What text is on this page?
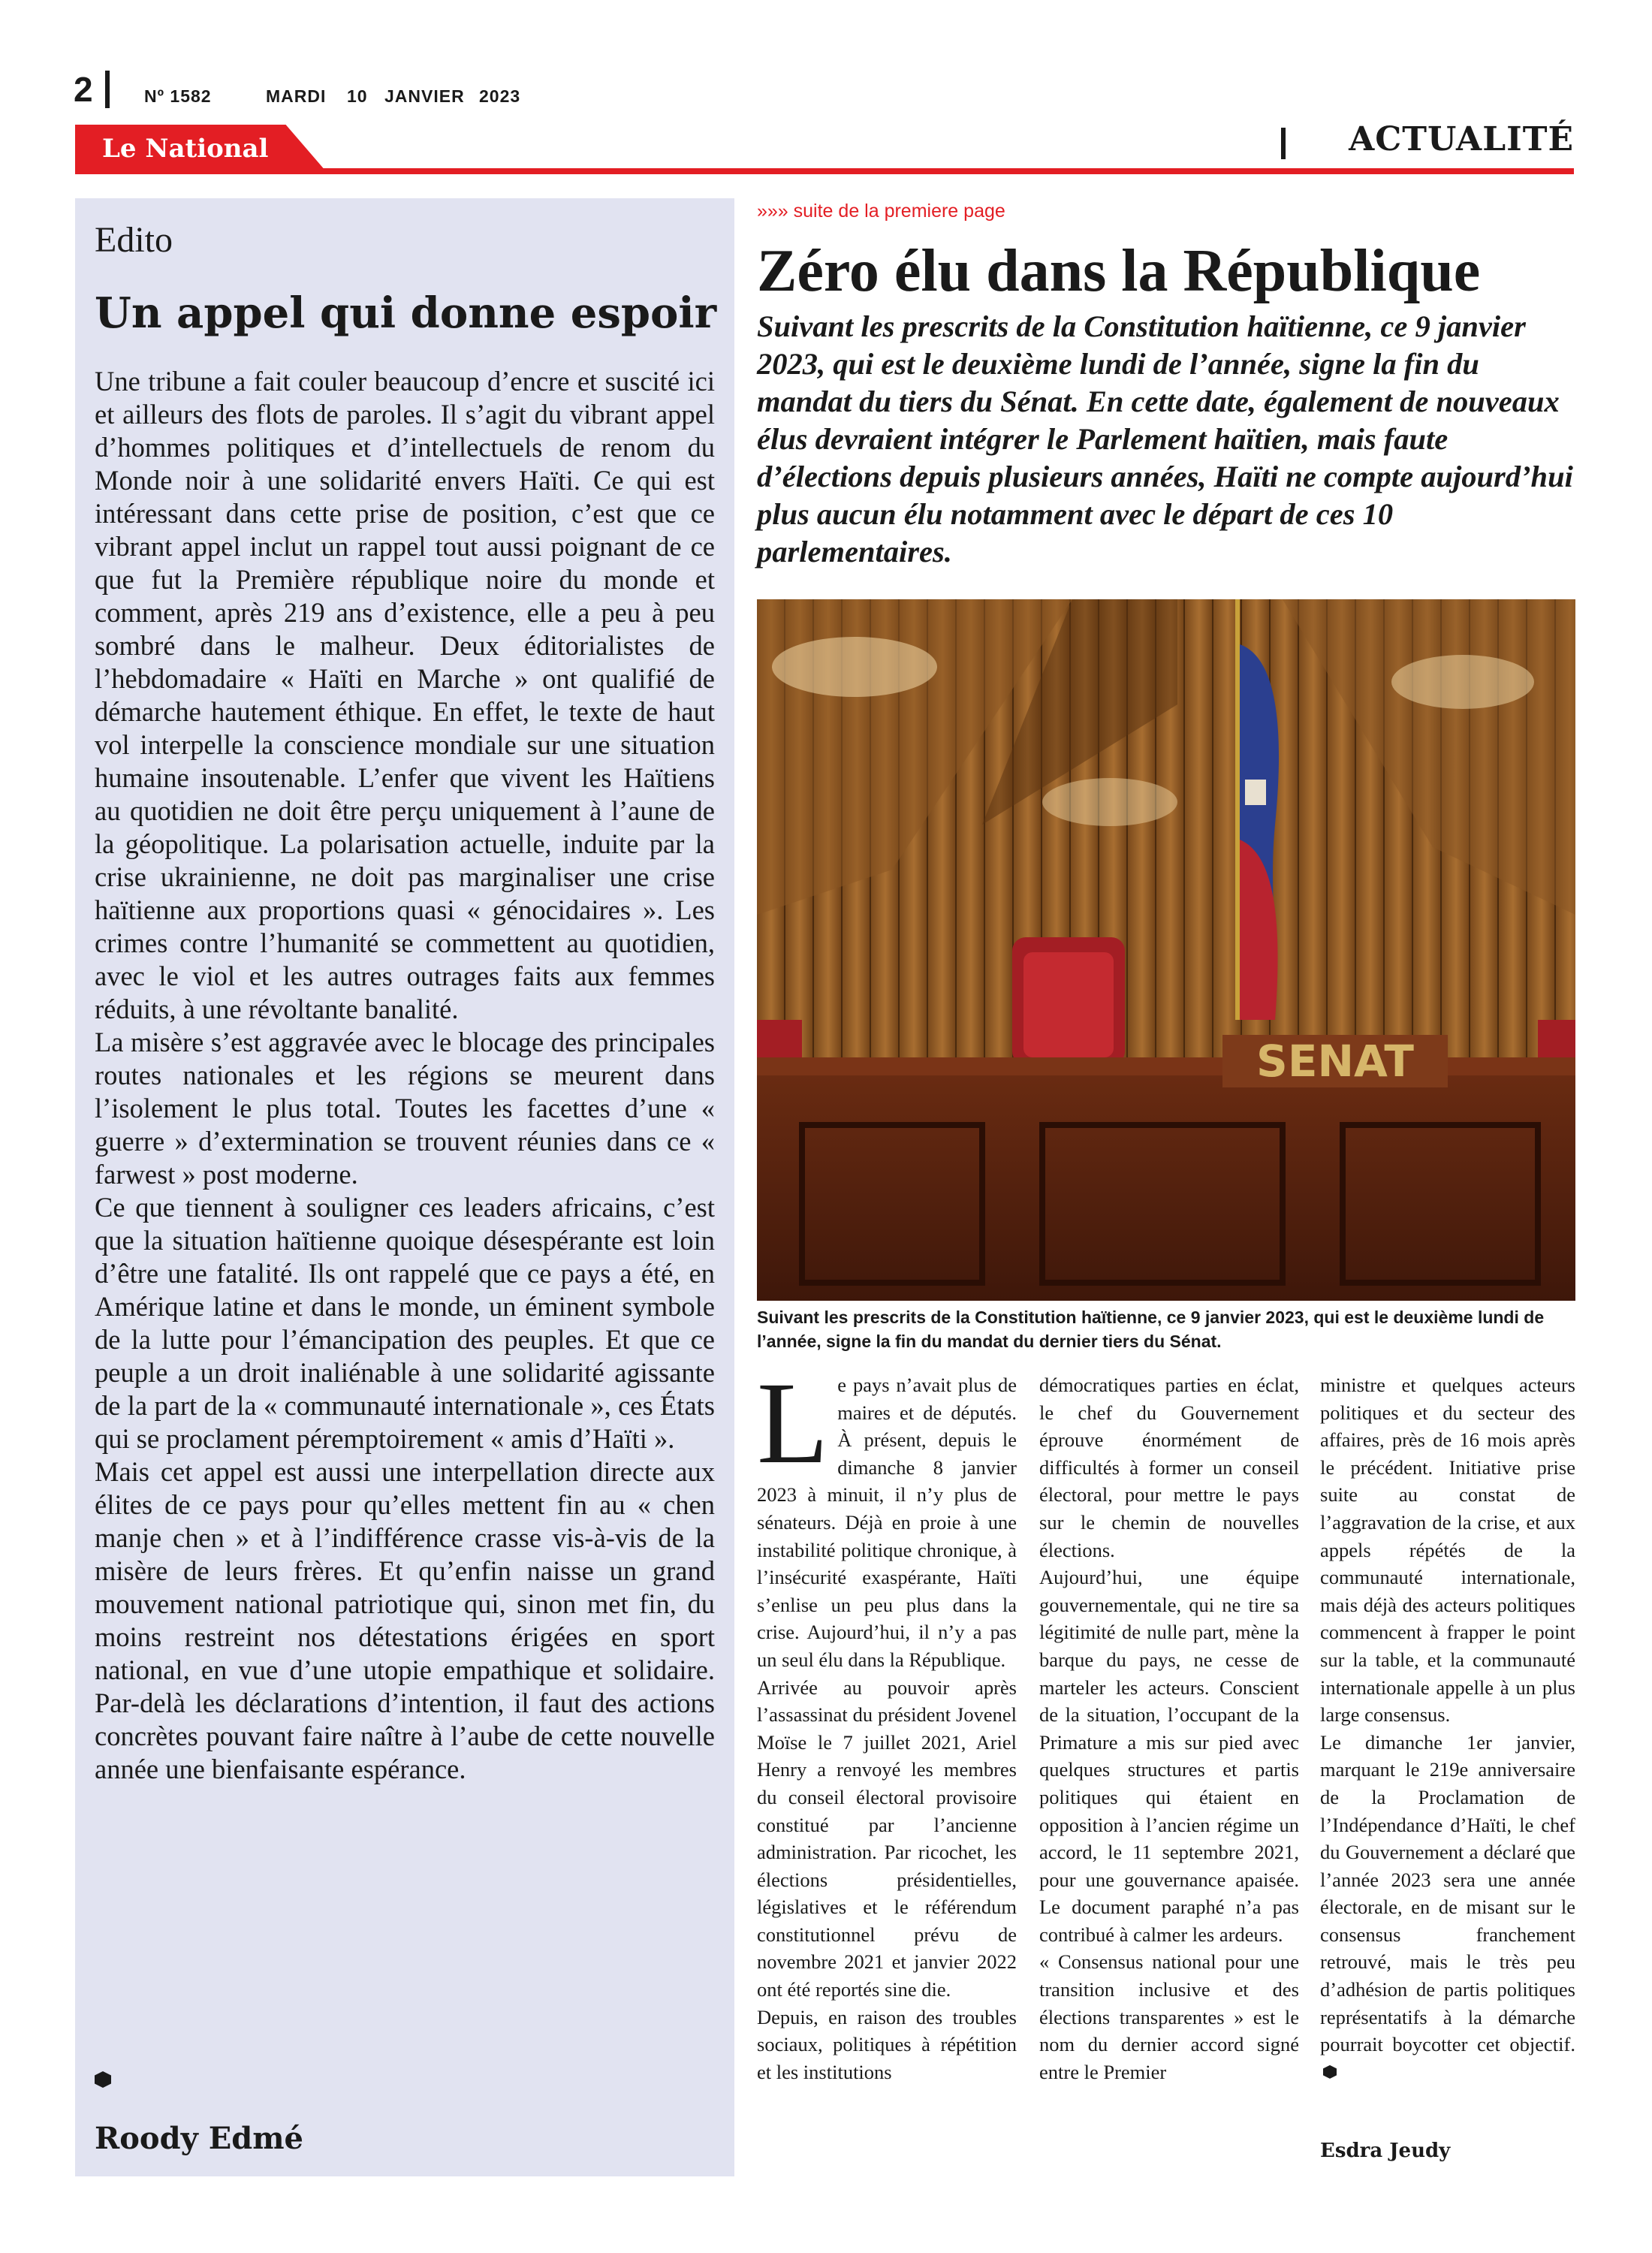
2	Nº 1582	MARDI 10 JANVIER 2023
Le National	ACTUALITÉ
Edito
Un appel qui donne espoir

Une tribune a fait couler beaucoup d’encre et suscité ici et ailleurs des flots de paroles. Il s’agit du vibrant appel d’hommes politiques et d’intellectuels de renom du Monde noir à une solidarité envers Haïti. Ce qui est intéressant dans cette prise de position, c’est que ce vibrant appel inclut un rappel tout aussi poignant de ce que fut la Première république noire du monde et comment, après 219 ans d’existence, elle a peu à peu sombré dans le malheur. Deux éditorialistes de l’hebdomadaire « Haïti en Marche » ont qualifié de démarche hautement éthique. En effet, le texte de haut vol interpelle la conscience mondiale sur une situation humaine insoutenable. L’enfer que vivent les Haïtiens au quotidien ne doit être perçu uniquement à l’aune de la géopolitique. La polarisation actuelle, induite par la crise ukrainienne, ne doit pas marginaliser une crise haïtienne aux proportions quasi « génocidaires ». Les crimes contre l’humanité se commettent au quotidien, avec le viol et les autres outrages faits aux femmes réduits, à une révoltante banalité.

La misère s’est aggravée avec le blocage des principales routes nationales et les régions se meurent dans l’isolement le plus total. Toutes les facettes d’une « guerre » d’extermination se trouvent réunies dans ce « farwest » post moderne.

Ce que tiennent à souligner ces leaders africains, c’est que la situation haïtienne quoique désespérante est loin d’être une fatalité. Ils ont rappelé que ce pays a été, en Amérique latine et dans le monde, un éminent symbole de la lutte pour l’émancipation des peuples. Et que ce peuple a un droit inaliénable à une solidarité agissante de la part de la « communauté internationale », ces États qui se proclament péremptoirement « amis d’Haïti ».

Mais cet appel est aussi une interpellation directe aux élites de ce pays pour qu’elles mettent fin au « chen manje chen » et à l’indifférence crasse vis-à-vis de la misère de leurs frères. Et qu’enfin naisse un grand mouvement national patriotique qui, sinon met fin, du moins restreint nos détestations érigées en sport national, en vue d’une utopie empathique et solidaire. Par-delà les déclarations d’intention, il faut des actions concrètes pouvant faire naître à l’aube de cette nouvelle année une bienfaisante espérance.

Roody Edmé
»»» suite de la premiere page
Zéro élu dans la République
Suivant les prescrits de la Constitution haïtienne, ce 9 janvier 2023, qui est le deuxième lundi de l’année, signe la fin du mandat du tiers du Sénat. En cette date, également de nouveaux élus devraient intégrer le Parlement haïtien, mais faute d’élections depuis plusieurs années, Haïti ne compte aujourd’hui plus aucun élu notamment avec le départ de ces 10 parlementaires.
SENAT
Suivant les prescrits de la Constitution haïtienne, ce 9 janvier 2023, qui est le deuxième lundi de l’année, signe la fin du mandat du dernier tiers du Sénat.

Le pays n’avait plus de maires et de députés. À présent, depuis le dimanche 8 janvier 2023 à minuit, il n’y plus de sénateurs. Déjà en proie à une instabilité politique chronique, à l’insécurité exaspérante, Haïti s’enlise un peu plus dans la crise. Aujourd’hui, il n’y a pas un seul élu dans la République.

Arrivée au pouvoir après l’assassinat du président Jovenel Moïse le 7 juillet 2021, Ariel Henry a renvoyé les membres du conseil électoral provisoire constitué par l’ancienne administration. Par ricochet, les élections présidentielles, législatives et le référendum constitutionnel prévu de novembre 2021 et janvier 2022 ont été reportés sine die.

Depuis, en raison des troubles sociaux, politiques à répétition et les institutions

démocratiques parties en éclat, le chef du Gouvernement éprouve énormément de difficultés à former un conseil électoral, pour mettre le pays sur le chemin de nouvelles élections.

Aujourd’hui, une équipe gouvernementale, qui ne tire sa légitimité de nulle part, mène la barque du pays, ne cesse de marteler les acteurs. Conscient de la situation, l’occupant de la Primature a mis sur pied avec quelques structures et partis politiques qui étaient en opposition à l’ancien régime un accord, le 11 septembre 2021, pour une gouvernance apaisée. Le document paraphé n’a pas contribué à calmer les ardeurs.

« Consensus national pour une transition inclusive et des élections transparentes » est le nom du dernier accord signé entre le Premier

ministre et quelques acteurs politiques et du secteur des affaires, près de 16 mois après le précédent. Initiative prise suite au constat de l’aggravation de la crise, et aux appels répétés de la communauté internationale, mais déjà des acteurs politiques commencent à frapper le point sur la table, et la communauté internationale appelle à un plus large consensus.

Le dimanche 1er janvier, marquant le 219e anniversaire de la Proclamation de l’Indépendance d’Haïti, le chef du Gouvernement a déclaré que l’année 2023 sera une année électorale, en de misant sur le consensus franchement retrouvé, mais le très peu d’adhésion de partis politiques représentatifs à la démarche pourrait boycotter cet objectif.

Esdra Jeudy
